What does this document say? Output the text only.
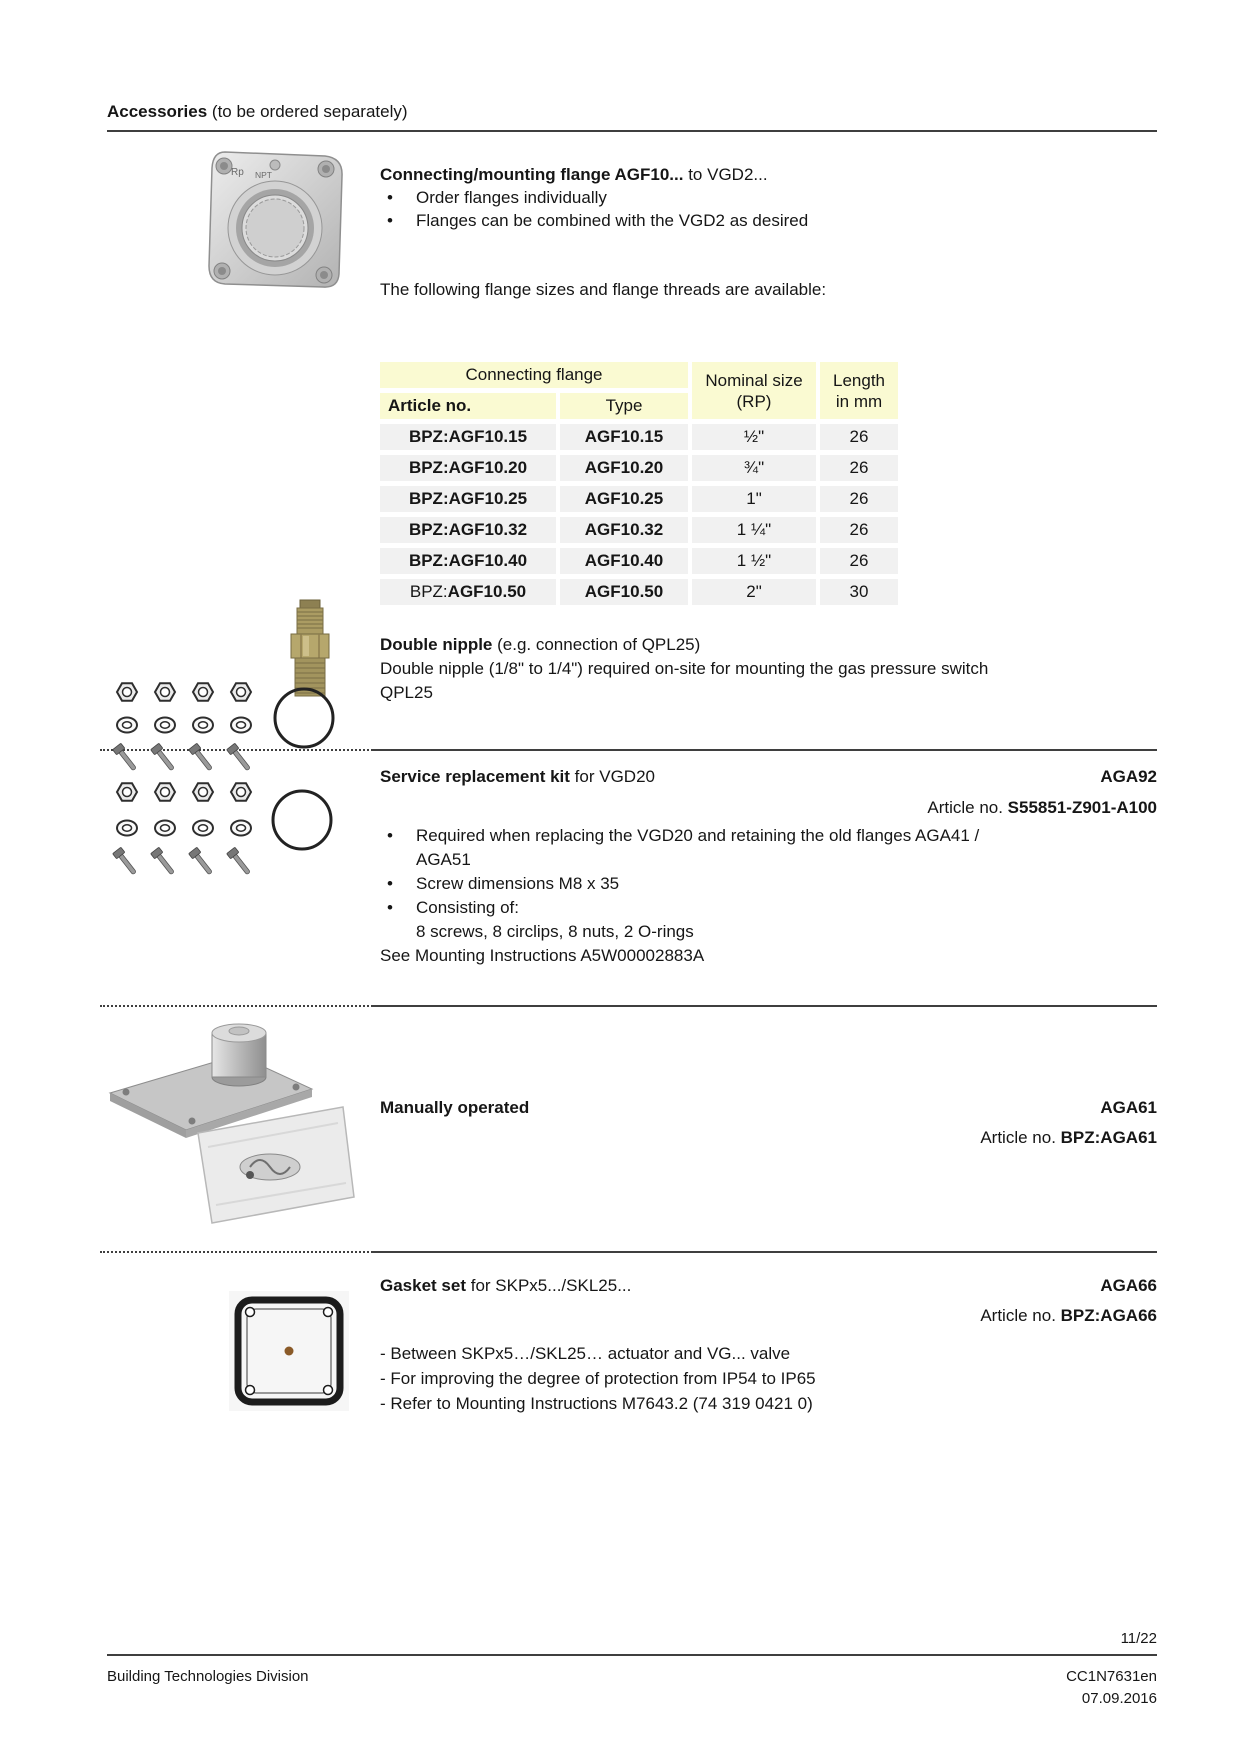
Accessories (to be ordered separately)
Rp NPT	Connecting/mounting flange AGF10... to VGD2...
• Order flanges individually
• Flanges can be combined with the VGD2 as desired
The following flange sizes and flange threads are available:
Connecting flange		Nominal size (RP)	Length in mm
Article no.	Type		
BPZ:AGF10.15	AGF10.15	½"	26
BPZ:AGF10.20	AGF10.20	¾"	26
BPZ:AGF10.25	AGF10.25	1"	26
BPZ:AGF10.32	AGF10.32	1 ¼"	26
BPZ:AGF10.40	AGF10.40	1 ½"	26
BPZ:AGF10.50	AGF10.50	2"	30
Double nipple (e.g. connection of QPL25)
Double nipple (1/8" to 1/4") required on-site for mounting the gas pressure switch
QPL25
Service replacement kit for VGD20	AGA92
Article no. S55851-Z901-A100
• Required when replacing the VGD20 and retaining the old flanges AGA41 /
AGA51
• Screw dimensions M8 x 35
• Consisting of:
8 screws, 8 circlips, 8 nuts, 2 O-rings
See Mounting Instructions A5W00002883A
Manually operated	AGA61
Article no. BPZ:AGA61
Gasket set for SKPx5.../SKL25...	AGA66
Article no. BPZ:AGA66
- Between SKPx5…/SKL25… actuator and VG... valve
- For improving the degree of protection from IP54 to IP65
- Refer to Mounting Instructions M7643.2 (74 319 0421 0)
11/22
Building Technologies Division	CC1N7631en
07.09.2016
